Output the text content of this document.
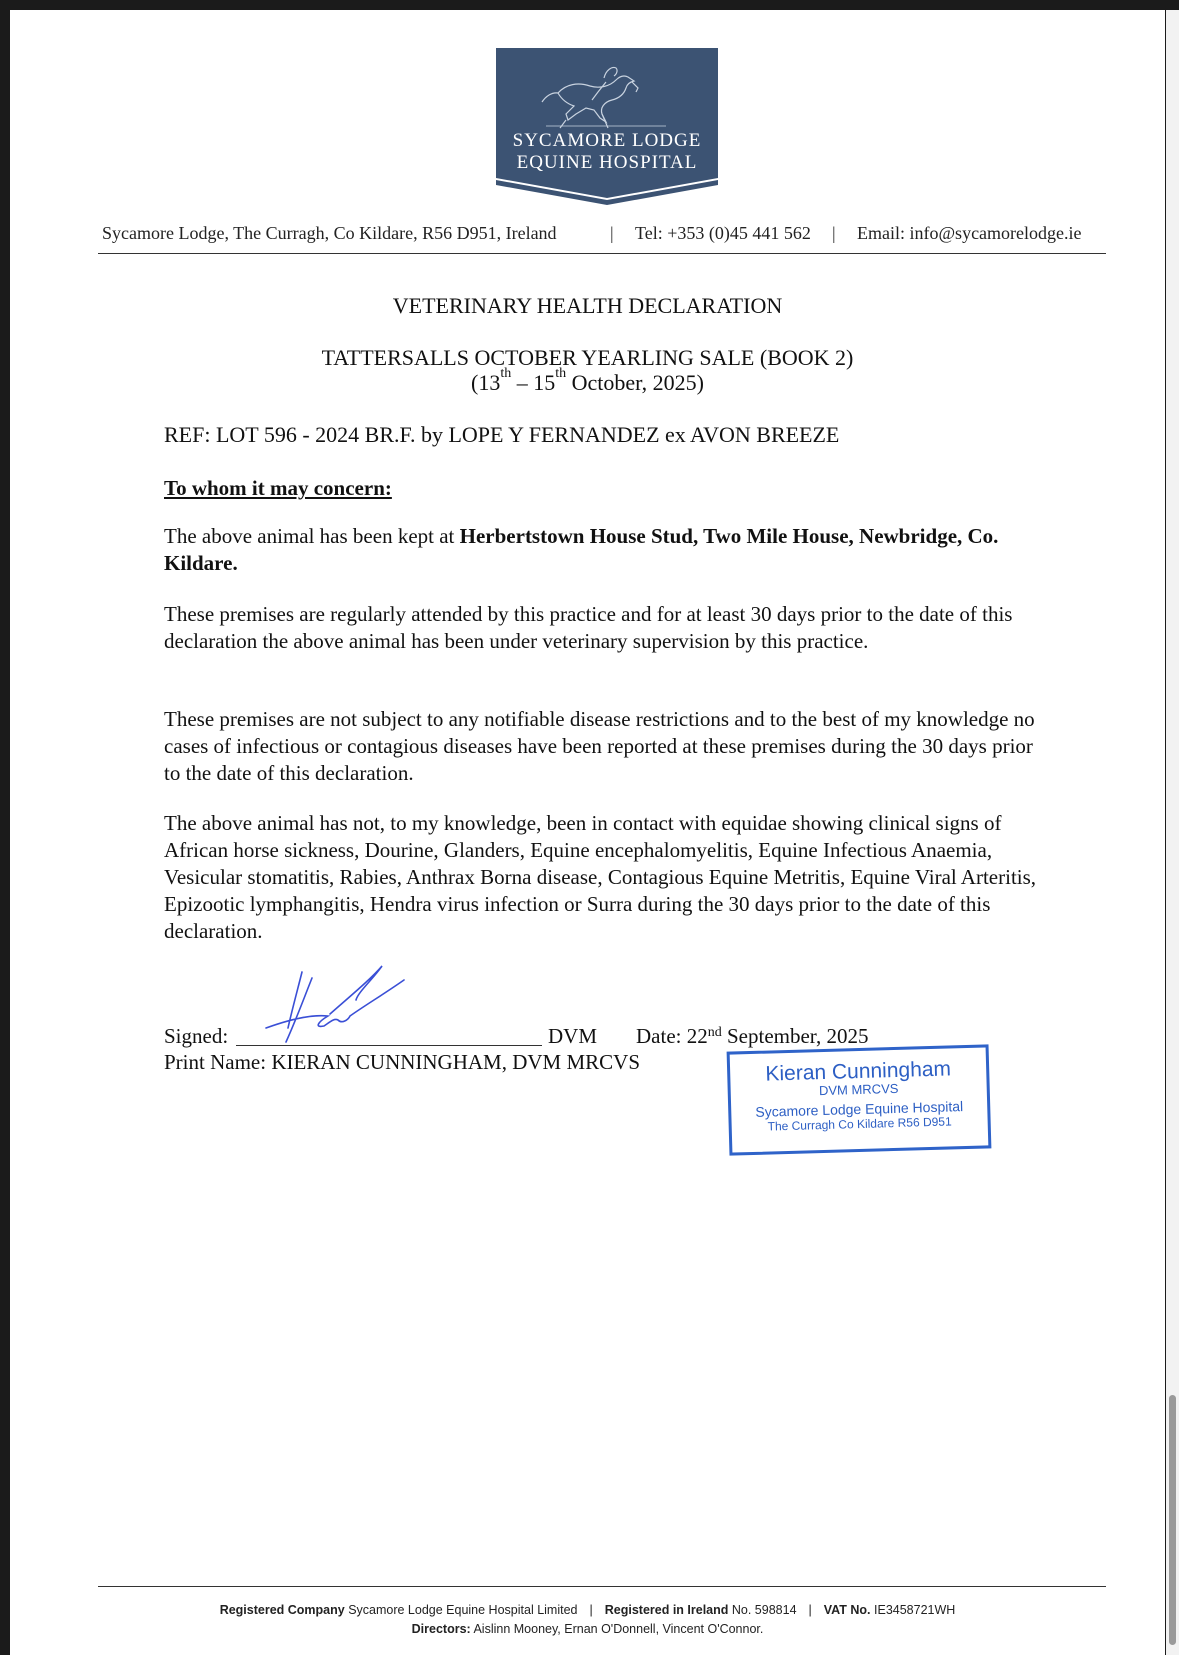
SYCAMORE LODGE
EQUINE HOSPITAL
Sycamore Lodge, The Curragh, Co Kildare, R56 D951, Ireland	| Tel: +353 (0)45 441 562 | Email: info@sycamorelodge.ie
VETERINARY HEALTH DECLARATION
TATTERSALLS OCTOBER YEARLING SALE (BOOK 2)
(13th – 15th October, 2025)
REF: LOT 596 - 2024 BR.F. by LOPE Y FERNANDEZ ex AVON BREEZE
To whom it may concern:
The above animal has been kept at Herbertstown House Stud, Two Mile House, Newbridge, Co. Kildare.
These premises are regularly attended by this practice and for at least 30 days prior to the date of this declaration the above animal has been under veterinary supervision by this practice.
These premises are not subject to any notifiable disease restrictions and to the best of my knowledge no cases of infectious or contagious diseases have been reported at these premises during the 30 days prior to the date of this declaration.
The above animal has not, to my knowledge, been in contact with equidae showing clinical signs of African horse sickness, Dourine, Glanders, Equine encephalomyelitis, Equine Infectious Anaemia, Vesicular stomatitis, Rabies, Anthrax Borna disease, Contagious Equine Metritis, Equine Viral Arteritis, Epizootic lymphangitis, Hendra virus infection or Surra during the 30 days prior to the date of this declaration.
Signed:	DVM Date: 22nd September, 2025
Print Name: KIERAN CUNNINGHAM, DVM MRCVS	Kieran Cunningham
DVM MRCVS
Sycamore Lodge Equine Hospital
The Curragh Co Kildare R56 D951
Registered Company Sycamore Lodge Equine Hospital Limited | Registered in Ireland No. 598814 | VAT No. IE3458721WH
Directors: Aislinn Mooney, Ernan O'Donnell, Vincent O'Connor.
